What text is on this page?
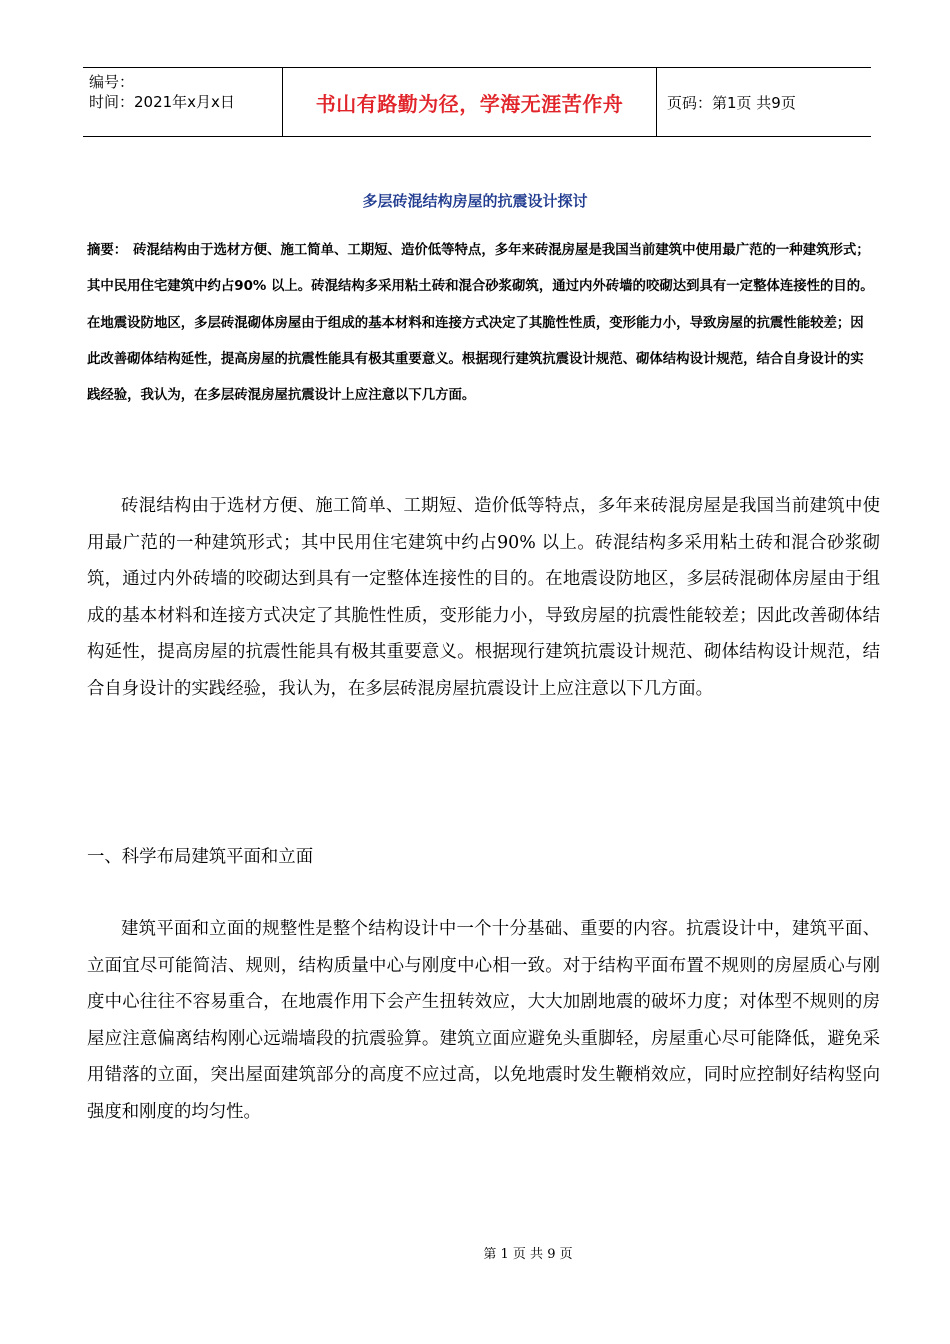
编号：
时间：2021年x月x日	书山有路勤为径，学海无涯苦作舟	页码：第1页 共9页
多层砖混结构房屋的抗震设计探讨
摘要： 砖混结构由于选材方便、施工简单、工期短、造价低等特点，多年来砖混房屋是我国当前建筑中使用最广范的一种建筑形式；其中民用住宅建筑中约占90% 以上。砖混结构多采用粘土砖和混合砂浆砌筑，通过内外砖墙的咬砌达到具有一定整体连接性的目的。在地震设防地区，多层砖混砌体房屋由于组成的基本材料和连接方式决定了其脆性性质，变形能力小，导致房屋的抗震性能较差；因此改善砌体结构延性，提高房屋的抗震性能具有极其重要意义。根据现行建筑抗震设计规范、砌体结构设计规范，结合自身设计的实践经验，我认为，在多层砖混房屋抗震设计上应注意以下几方面。

砖混结构由于选材方便、施工简单、工期短、造价低等特点，多年来砖混房屋是我国当前建筑中使用最广范的一种建筑形式；其中民用住宅建筑中约占90% 以上。砖混结构多采用粘土砖和混合砂浆砌筑，通过内外砖墙的咬砌达到具有一定整体连接性的目的。在地震设防地区，多层砖混砌体房屋由于组成的基本材料和连接方式决定了其脆性性质，变形能力小，导致房屋的抗震性能较差；因此改善砌体结构延性，提高房屋的抗震性能具有极其重要意义。根据现行建筑抗震设计规范、砌体结构设计规范，结合自身设计的实践经验，我认为，在多层砖混房屋抗震设计上应注意以下几方面。

一、科学布局建筑平面和立面

建筑平面和立面的规整性是整个结构设计中一个十分基础、重要的内容。抗震设计中，建筑平面、立面宜尽可能简洁、规则，结构质量中心与刚度中心相一致。对于结构平面布置不规则的房屋质心与刚度中心往往不容易重合，在地震作用下会产生扭转效应，大大加剧地震的破坏力度；对体型不规则的房屋应注意偏离结构刚心远端墙段的抗震验算。建筑立面应避免头重脚轻，房屋重心尽可能降低，避免采用错落的立面，突出屋面建筑部分的高度不应过高，以免地震时发生鞭梢效应，同时应控制好结构竖向强度和刚度的均匀性。

第 1 页 共 9 页
